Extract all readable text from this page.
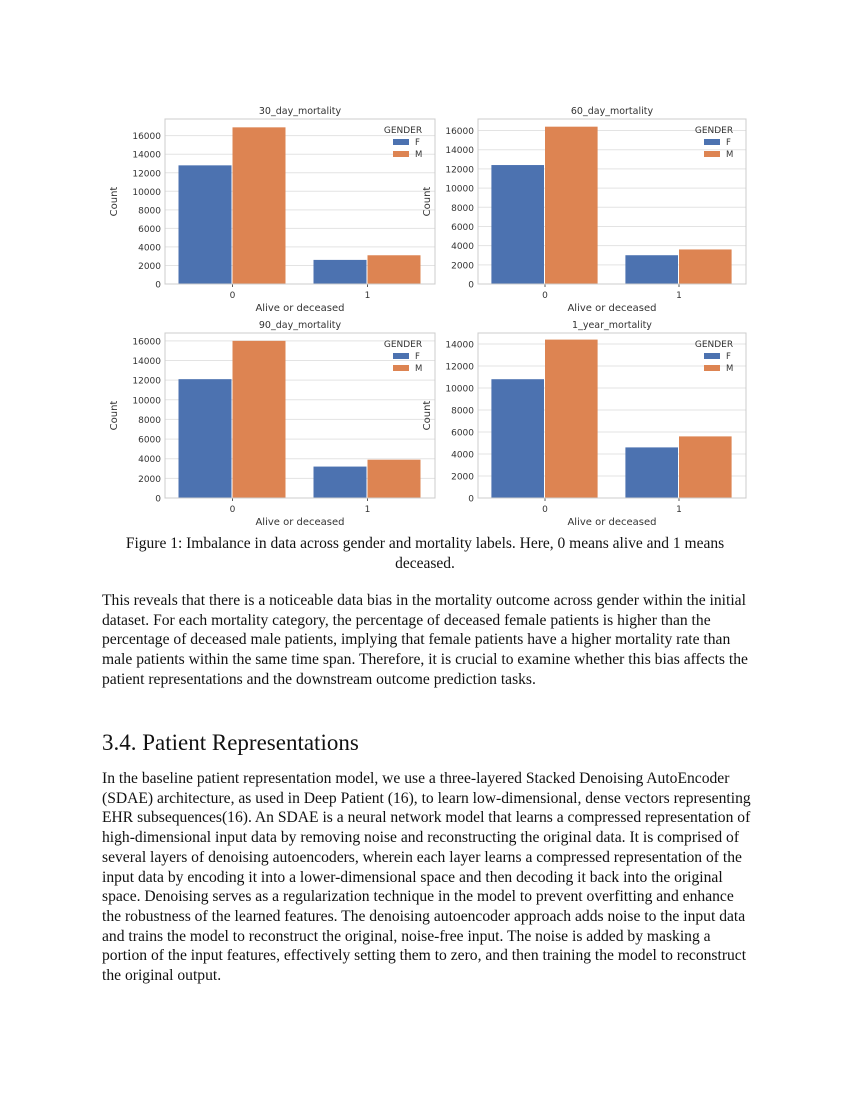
0
2000
4000
6000
8000
10000
12000
14000
16000
0	1
30_day_mortality
Alive or deceased
Count
GENDER
F
M
0
2000
4000
6000
8000
10000
12000
14000
16000
0	1
60_day_mortality
Alive or deceased
Count
GENDER
F
M
0
2000
4000
6000
8000
10000
12000
14000
16000
0	1
90_day_mortality
Alive or deceased
Count
GENDER
F
M
0
2000
4000
6000
8000
10000
12000
14000
0	1
1_year_mortality
Alive or deceased
Count
GENDER
F
M
Figure 1: Imbalance in data across gender and mortality labels. Here, 0 means alive and 1 means deceased.

This reveals that there is a noticeable data bias in the mortality outcome across gender within the initial dataset. For each mortality category, the percentage of deceased female patients is higher than the percentage of deceased male patients, implying that female patients have a higher mortality rate than male patients within the same time span. Therefore, it is crucial to examine whether this bias affects the patient representations and the downstream outcome prediction tasks.

3.4. Patient Representations

In the baseline patient representation model, we use a three-layered Stacked Denoising AutoEncoder (SDAE) architecture, as used in Deep Patient (16), to learn low-dimensional, dense vectors representing EHR subsequences(16). An SDAE is a neural network model that learns a compressed representation of high-dimensional input data by removing noise and reconstructing the original data. It is comprised of several layers of denoising autoencoders, wherein each layer learns a compressed representation of the input data by encoding it into a lower-dimensional space and then decoding it back into the original space. Denoising serves as a regularization technique in the model to prevent overfitting and enhance the robustness of the learned features. The denoising autoencoder approach adds noise to the input data and trains the model to reconstruct the original, noise-free input. The noise is added by masking a portion of the input features, effectively setting them to zero, and then training the model to reconstruct the original output.
